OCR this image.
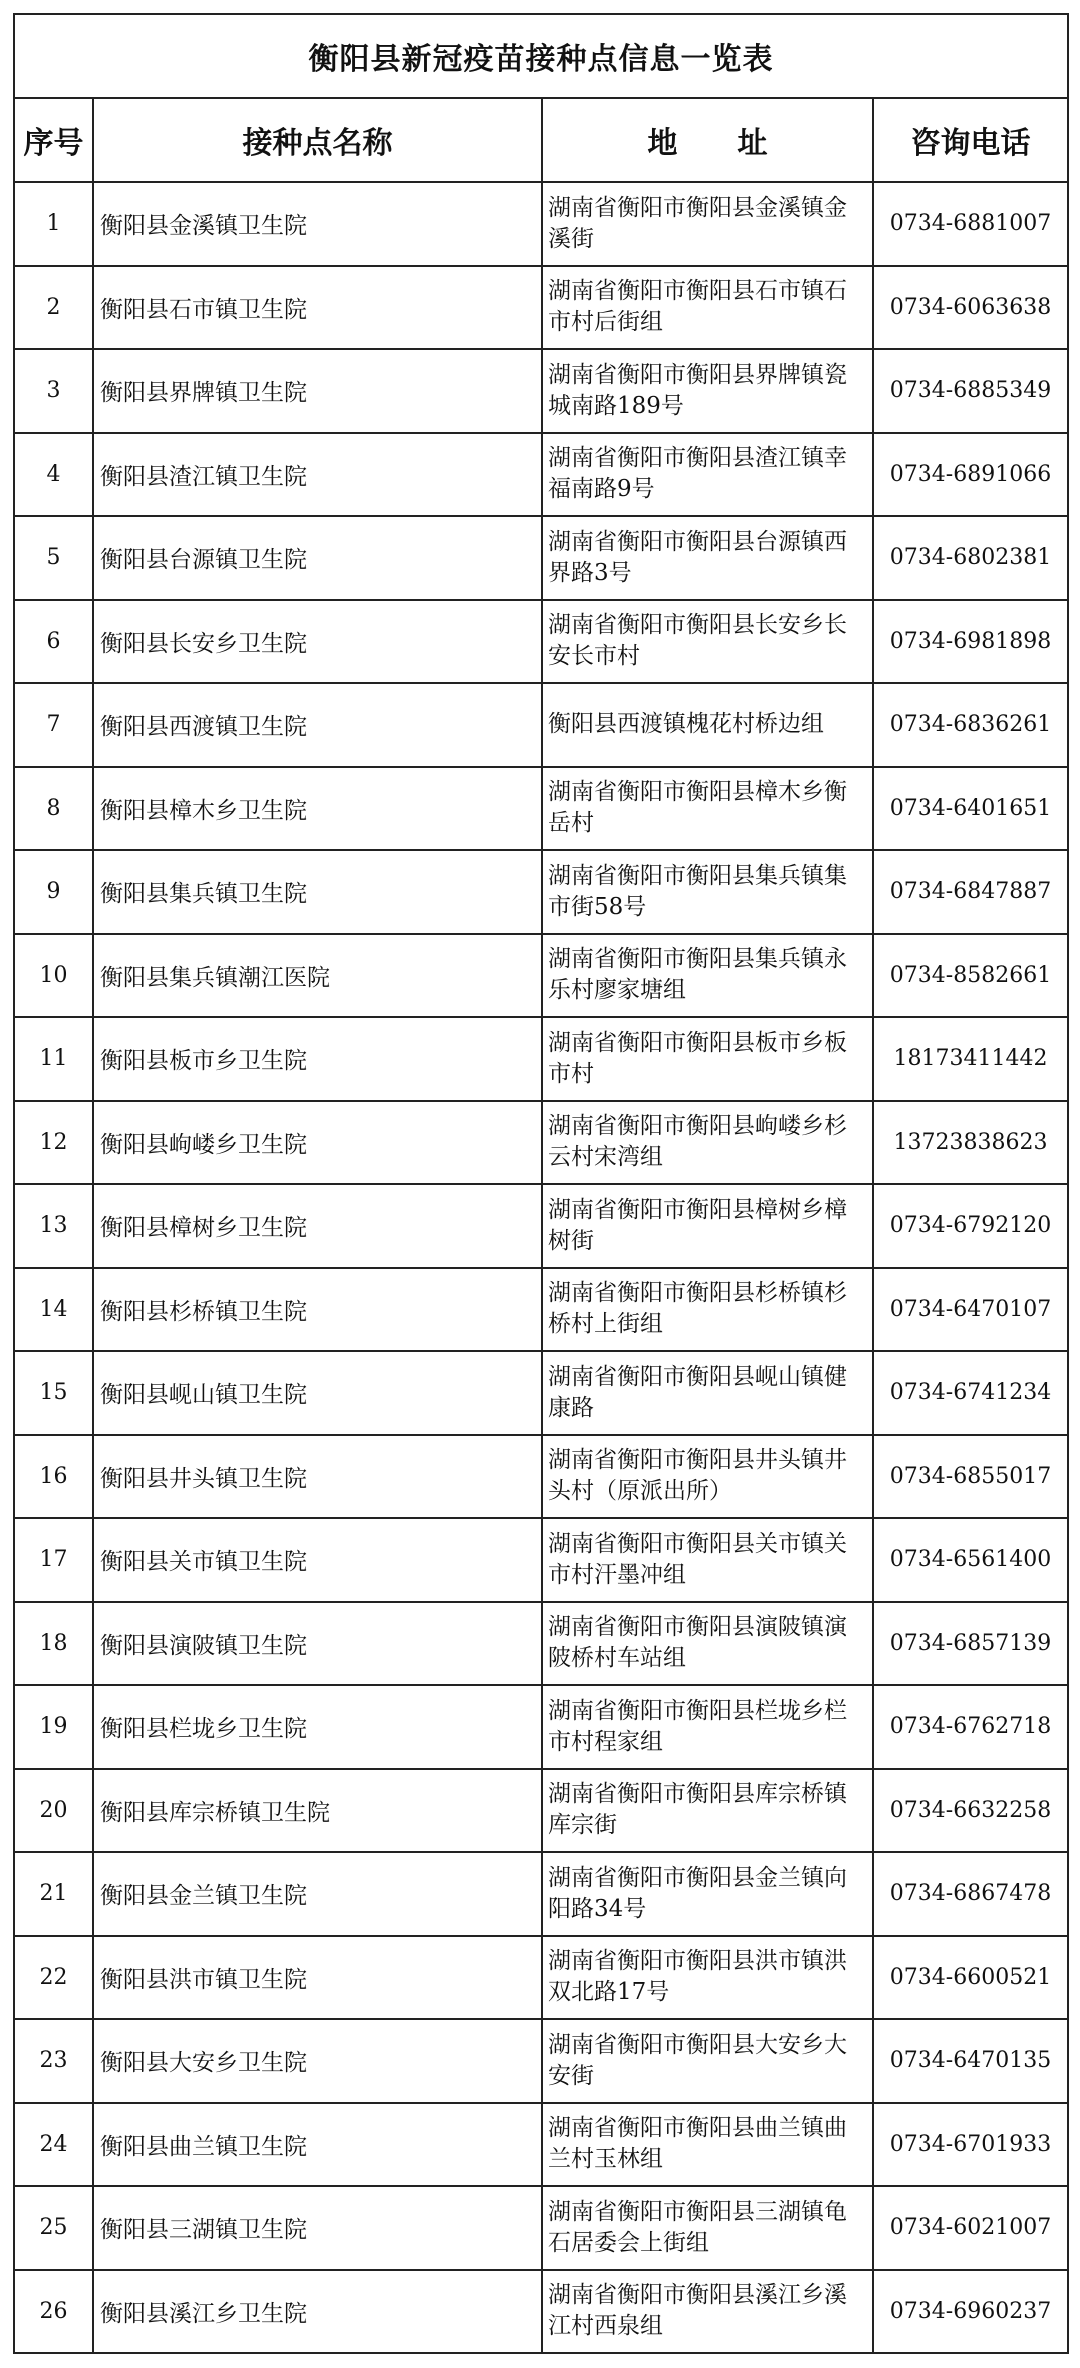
衡阳县新冠疫苗接种点信息一览表			
序号	接种点名称	地　　址	咨询电话
1	衡阳县金溪镇卫生院	湖南省衡阳市衡阳县金溪镇金溪街	0734-6881007
2	衡阳县石市镇卫生院	湖南省衡阳市衡阳县石市镇石市村后街组	0734-6063638
3	衡阳县界牌镇卫生院	湖南省衡阳市衡阳县界牌镇瓷城南路189号	0734-6885349
4	衡阳县渣江镇卫生院	湖南省衡阳市衡阳县渣江镇幸福南路9号	0734-6891066
5	衡阳县台源镇卫生院	湖南省衡阳市衡阳县台源镇西界路3号	0734-6802381
6	衡阳县长安乡卫生院	湖南省衡阳市衡阳县长安乡长安长市村	0734-6981898
7	衡阳县西渡镇卫生院	衡阳县西渡镇槐花村桥边组	0734-6836261
8	衡阳县樟木乡卫生院	湖南省衡阳市衡阳县樟木乡衡岳村	0734-6401651
9	衡阳县集兵镇卫生院	湖南省衡阳市衡阳县集兵镇集市街58号	0734-6847887
10	衡阳县集兵镇潮江医院	湖南省衡阳市衡阳县集兵镇永乐村廖家塘组	0734-8582661
11	衡阳县板市乡卫生院	湖南省衡阳市衡阳县板市乡板市村	18173411442
12	衡阳县岣嵝乡卫生院	湖南省衡阳市衡阳县岣嵝乡杉云村宋湾组	13723838623
13	衡阳县樟树乡卫生院	湖南省衡阳市衡阳县樟树乡樟树街	0734-6792120
14	衡阳县杉桥镇卫生院	湖南省衡阳市衡阳县杉桥镇杉桥村上街组	0734-6470107
15	衡阳县岘山镇卫生院	湖南省衡阳市衡阳县岘山镇健康路	0734-6741234
16	衡阳县井头镇卫生院	湖南省衡阳市衡阳县井头镇井头村（原派出所）	0734-6855017
17	衡阳县关市镇卫生院	湖南省衡阳市衡阳县关市镇关市村汗墨冲组	0734-6561400
18	衡阳县演陂镇卫生院	湖南省衡阳市衡阳县演陂镇演陂桥村车站组	0734-6857139
19	衡阳县栏垅乡卫生院	湖南省衡阳市衡阳县栏垅乡栏市村程家组	0734-6762718
20	衡阳县库宗桥镇卫生院	湖南省衡阳市衡阳县库宗桥镇库宗街	0734-6632258
21	衡阳县金兰镇卫生院	湖南省衡阳市衡阳县金兰镇向阳路34号	0734-6867478
22	衡阳县洪市镇卫生院	湖南省衡阳市衡阳县洪市镇洪双北路17号	0734-6600521
23	衡阳县大安乡卫生院	湖南省衡阳市衡阳县大安乡大安街	0734-6470135
24	衡阳县曲兰镇卫生院	湖南省衡阳市衡阳县曲兰镇曲兰村玉林组	0734-6701933
25	衡阳县三湖镇卫生院	湖南省衡阳市衡阳县三湖镇龟石居委会上街组	0734-6021007
26	衡阳县溪江乡卫生院	湖南省衡阳市衡阳县溪江乡溪江村西泉组	0734-6960237
